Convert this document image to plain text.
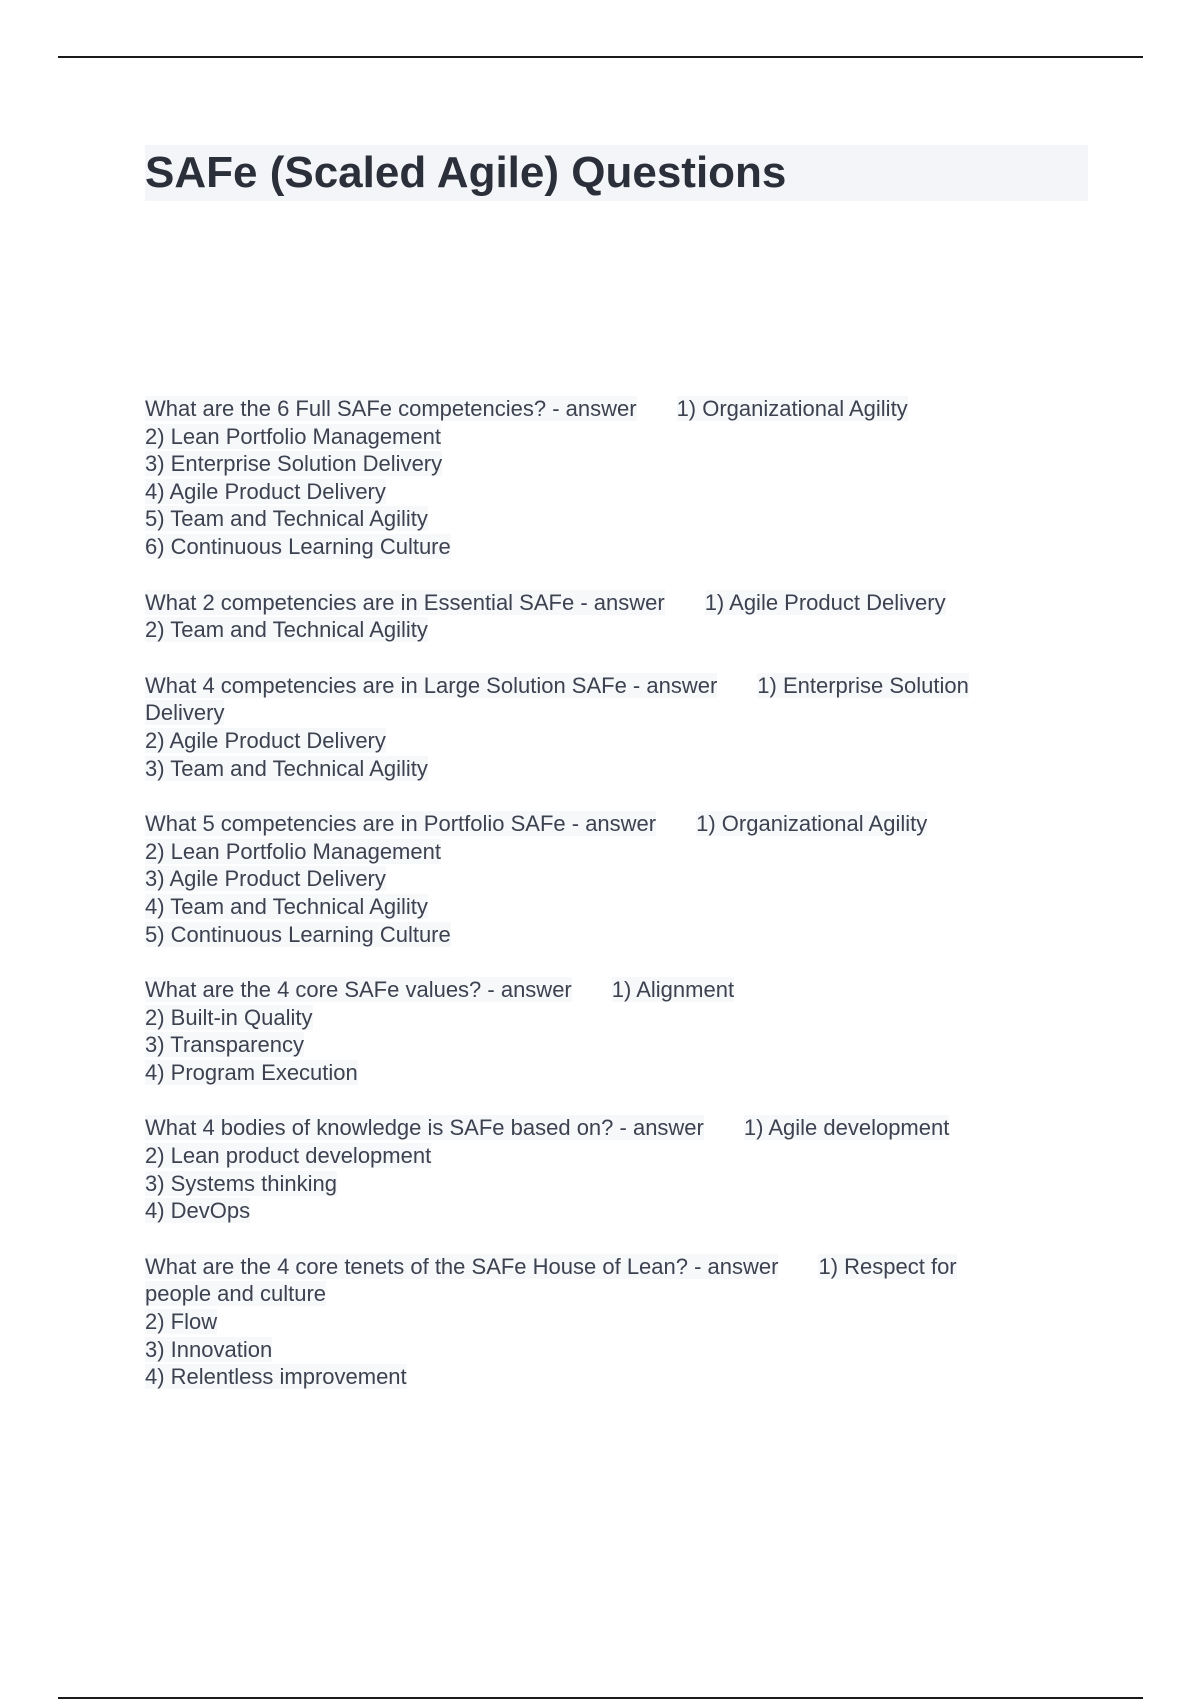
SAFe (Scaled Agile) Questions
What are the 6 Full SAFe competencies? - answer 1) Organizational Agility
2) Lean Portfolio Management
3) Enterprise Solution Delivery
4) Agile Product Delivery
5) Team and Technical Agility
6) Continuous Learning Culture
What 2 competencies are in Essential SAFe - answer 1) Agile Product Delivery
2) Team and Technical Agility
What 4 competencies are in Large Solution SAFe - answer 1) Enterprise Solution
Delivery
2) Agile Product Delivery
3) Team and Technical Agility
What 5 competencies are in Portfolio SAFe - answer 1) Organizational Agility
2) Lean Portfolio Management
3) Agile Product Delivery
4) Team and Technical Agility
5) Continuous Learning Culture
What are the 4 core SAFe values? - answer 1) Alignment
2) Built-in Quality
3) Transparency
4) Program Execution
What 4 bodies of knowledge is SAFe based on? - answer 1) Agile development
2) Lean product development
3) Systems thinking
4) DevOps
What are the 4 core tenets of the SAFe House of Lean? - answer 1) Respect for
people and culture
2) Flow
3) Innovation
4) Relentless improvement
